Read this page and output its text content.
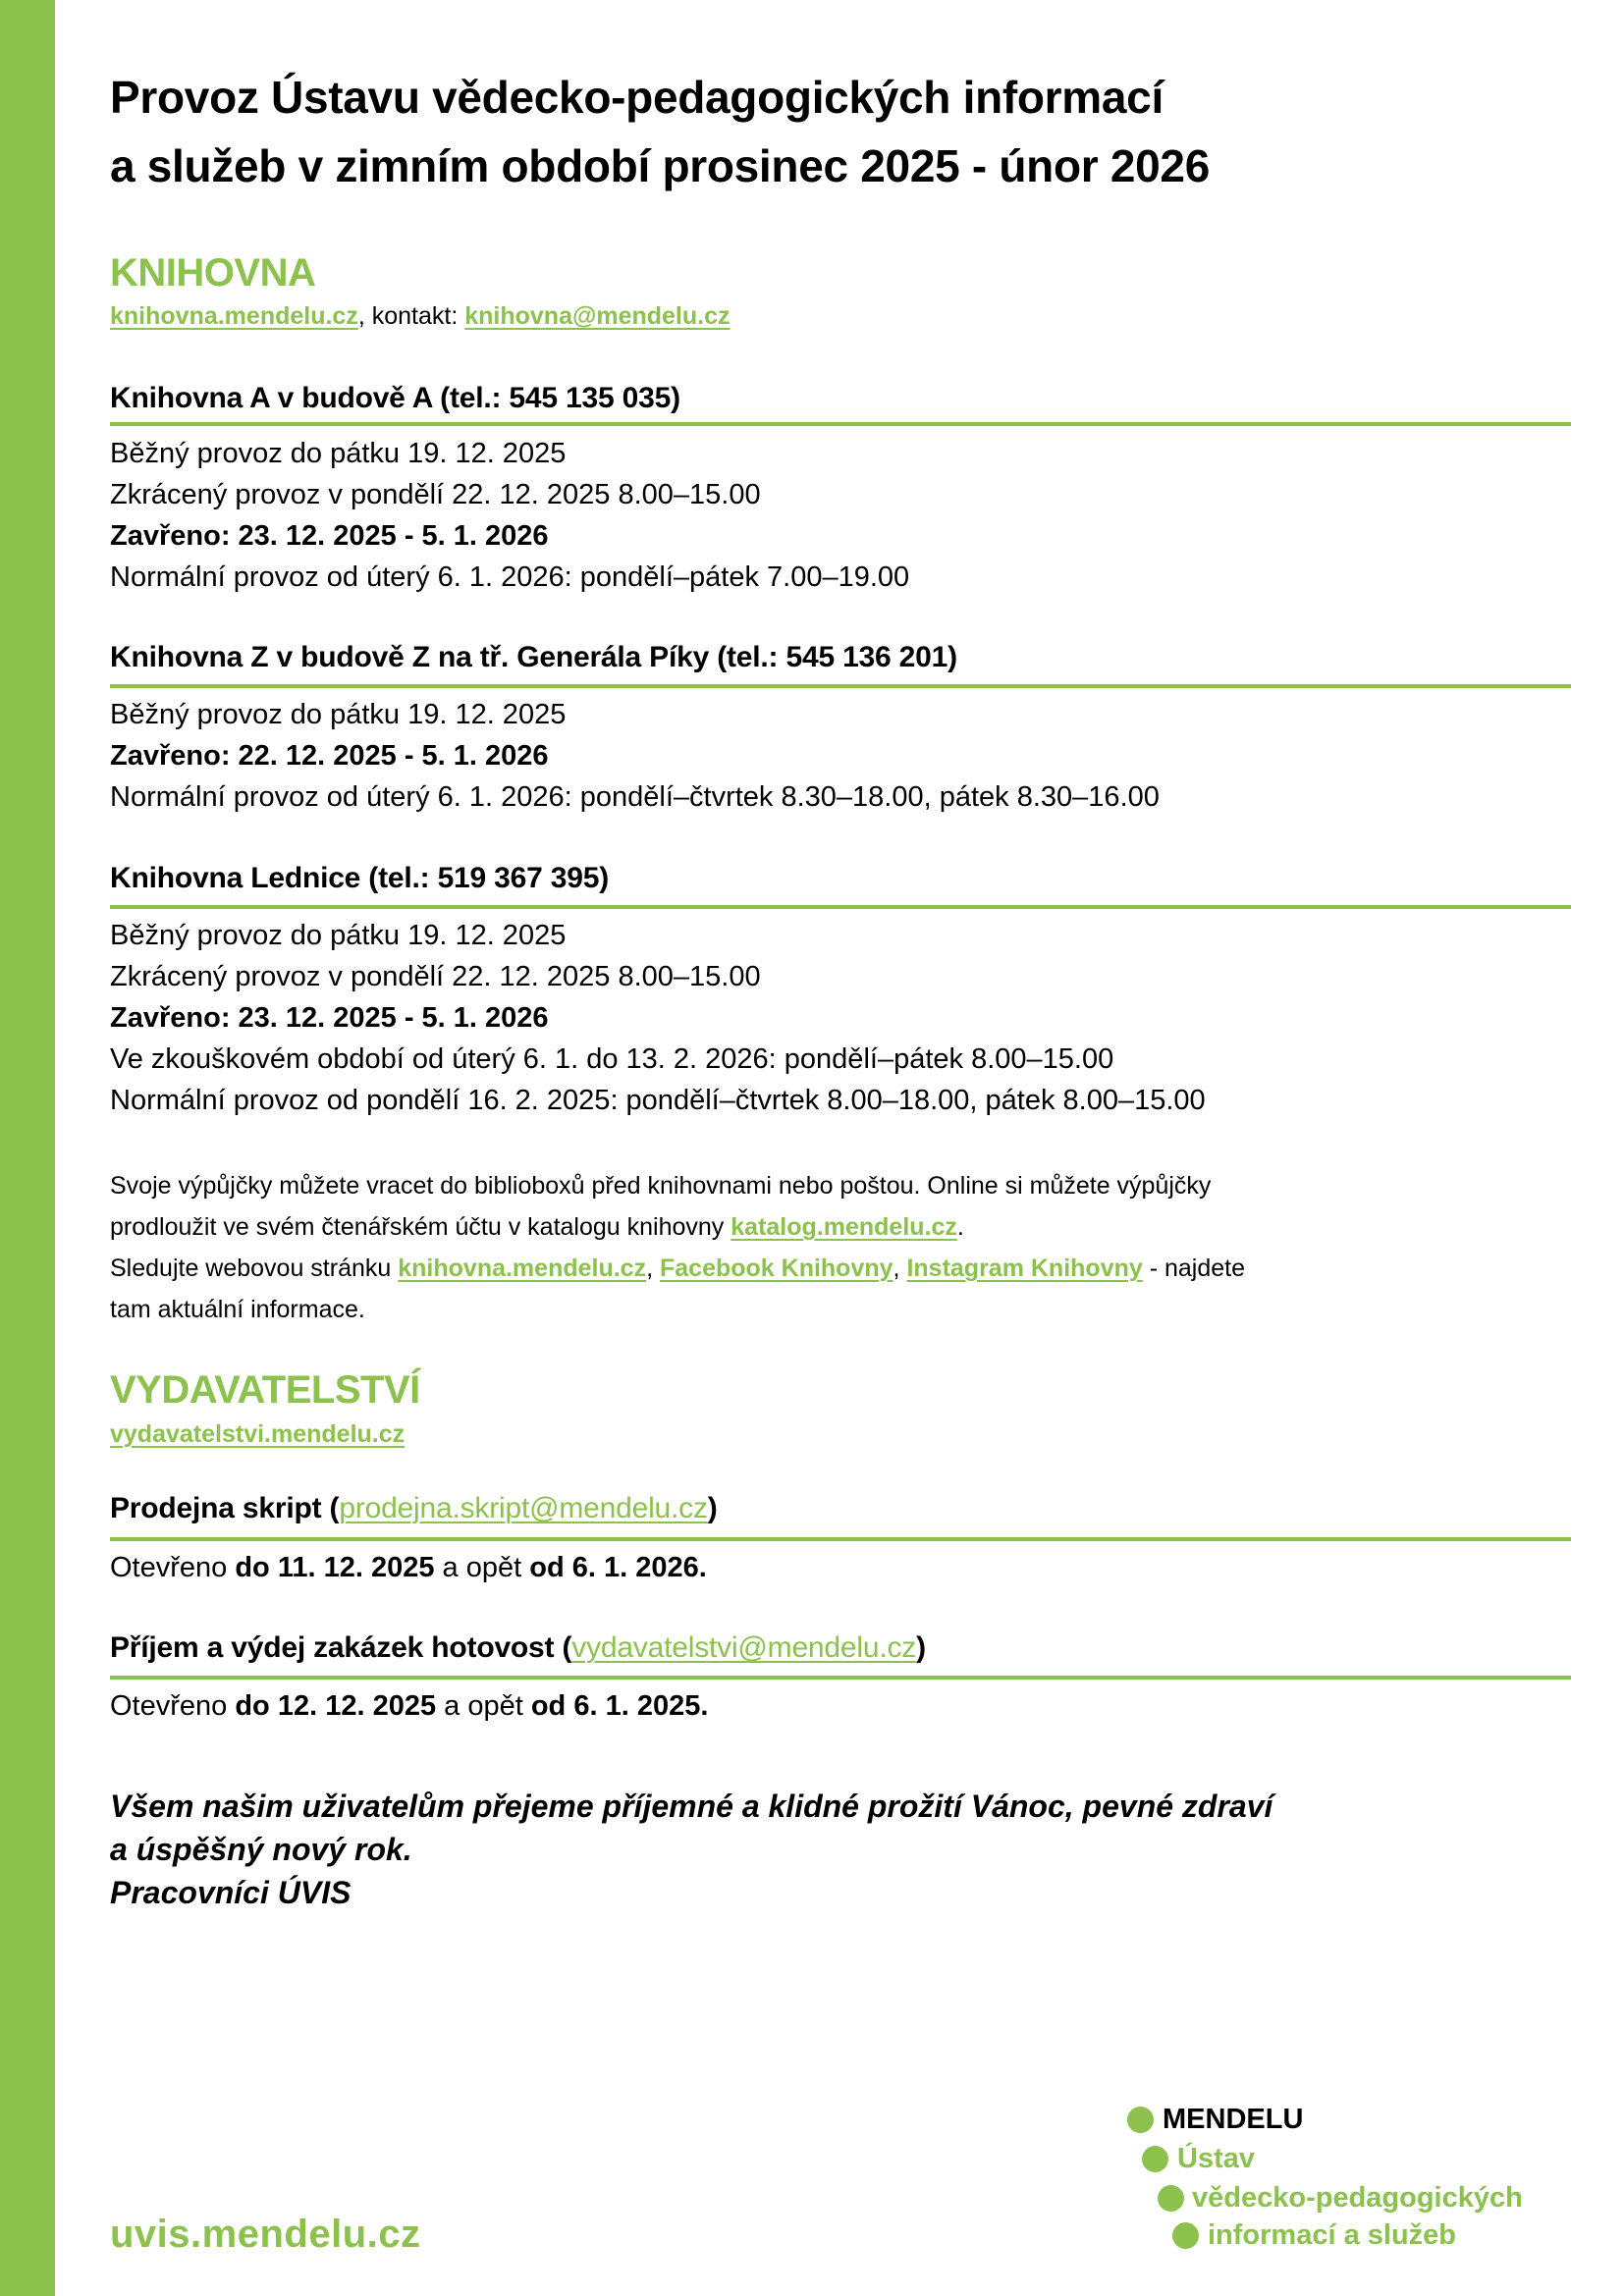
Provoz Ústavu vědecko-pedagogických informací
a služeb v zimním období prosinec 2025 - únor 2026
KNIHOVNA
knihovna.mendelu.cz, kontakt: knihovna@mendelu.cz
Knihovna A v budově A (tel.: 545 135 035)
Běžný provoz do pátku 19. 12. 2025
Zkrácený provoz v pondělí 22. 12. 2025 8.00–15.00
Zavřeno: 23. 12. 2025 - 5. 1. 2026
Normální provoz od úterý 6. 1. 2026: pondělí–pátek 7.00–19.00
Knihovna Z v budově Z na tř. Generála Píky (tel.: 545 136 201)
Běžný provoz do pátku 19. 12. 2025
Zavřeno: 22. 12. 2025 - 5. 1. 2026
Normální provoz od úterý 6. 1. 2026: pondělí–čtvrtek 8.30–18.00, pátek 8.30–16.00
Knihovna Lednice (tel.: 519 367 395)
Běžný provoz do pátku 19. 12. 2025
Zkrácený provoz v pondělí 22. 12. 2025 8.00–15.00
Zavřeno: 23. 12. 2025 - 5. 1. 2026
Ve zkouškovém období od úterý 6. 1. do 13. 2. 2026: pondělí–pátek 8.00–15.00
Normální provoz od pondělí 16. 2. 2025: pondělí–čtvrtek 8.00–18.00, pátek 8.00–15.00
Svoje výpůjčky můžete vracet do biblioboxů před knihovnami nebo poštou. Online si můžete výpůjčky
prodloužit ve svém čtenářském účtu v katalogu knihovny katalog.mendelu.cz.
Sledujte webovou stránku knihovna.mendelu.cz, Facebook Knihovny, Instagram Knihovny - najdete
tam aktuální informace.
VYDAVATELSTVÍ
vydavatelstvi.mendelu.cz
Prodejna skript (prodejna.skript@mendelu.cz)
Otevřeno do 11. 12. 2025 a opět od 6. 1. 2026.
Příjem a výdej zakázek hotovost (vydavatelstvi@mendelu.cz)
Otevřeno do 12. 12. 2025 a opět od 6. 1. 2025.
Všem našim uživatelům přejeme příjemné a klidné prožití Vánoc, pevné zdraví
a úspěšný nový rok.
Pracovníci ÚVIS
uvis.mendelu.cz
MENDELU
Ústav
vědecko-pedagogických
informací a služeb
